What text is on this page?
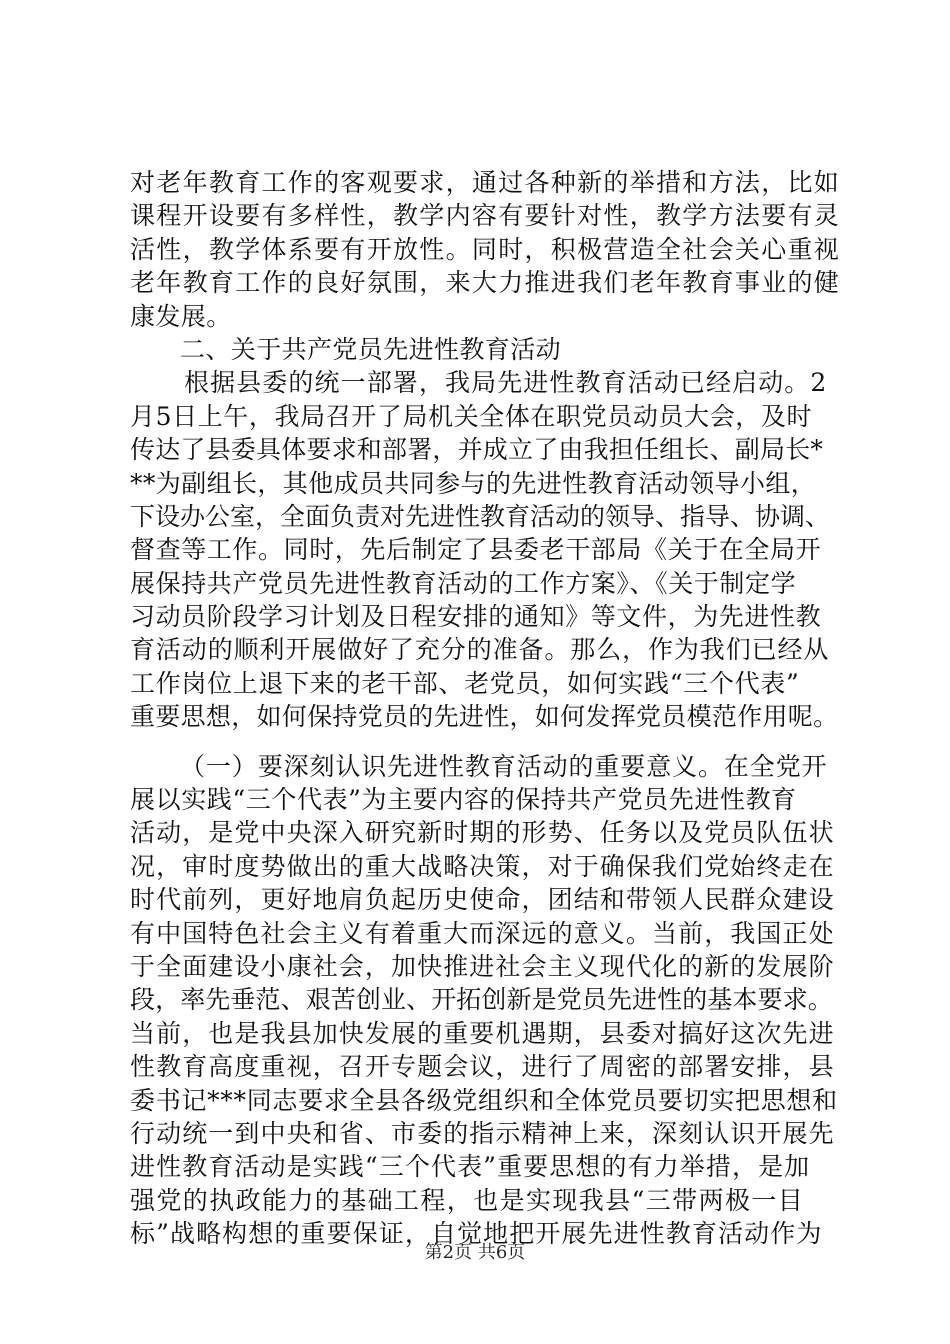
对老年教育工作的客观要求，通过各种新的举措和方法，比如
课程开设要有多样性，教学内容有要针对性，教学方法要有灵
活性，教学体系要有开放性。同时，积极营造全社会关心重视
老年教育工作的良好氛围，来大力推进我们老年教育事业的健
康发展。
二、关于共产党员先进性教育活动
根据县委的统一部署，我局先进性教育活动已经启动。2
月5日上午，我局召开了局机关全体在职党员动员大会，及时
传达了县委具体要求和部署，并成立了由我担任组长、副局长*
**为副组长，其他成员共同参与的先进性教育活动领导小组，
下设办公室，全面负责对先进性教育活动的领导、指导、协调、
督查等工作。同时，先后制定了县委老干部局《关于在全局开
展保持共产党员先进性教育活动的工作方案》、《关于制定学
习动员阶段学习计划及日程安排的通知》等文件，为先进性教
育活动的顺利开展做好了充分的准备。那么，作为我们已经从
工作岗位上退下来的老干部、老党员，如何实践“三个代表”
重要思想，如何保持党员的先进性，如何发挥党员模范作用呢。
（一）要深刻认识先进性教育活动的重要意义。在全党开
展以实践“三个代表”为主要内容的保持共产党员先进性教育
活动，是党中央深入研究新时期的形势、任务以及党员队伍状
况，审时度势做出的重大战略决策，对于确保我们党始终走在
时代前列，更好地肩负起历史使命，团结和带领人民群众建设
有中国特色社会主义有着重大而深远的意义。当前，我国正处
于全面建设小康社会，加快推进社会主义现代化的新的发展阶
段，率先垂范、艰苦创业、开拓创新是党员先进性的基本要求。
当前，也是我县加快发展的重要机遇期，县委对搞好这次先进
性教育高度重视，召开专题会议，进行了周密的部署安排，县
委书记***同志要求全县各级党组织和全体党员要切实把思想和
行动统一到中央和省、市委的指示精神上来，深刻认识开展先
进性教育活动是实践“三个代表”重要思想的有力举措，是加
强党的执政能力的基础工程，也是实现我县“三带两极一目
标”战略构想的重要保证，自觉地把开展先进性教育活动作为
第2页 共6页
